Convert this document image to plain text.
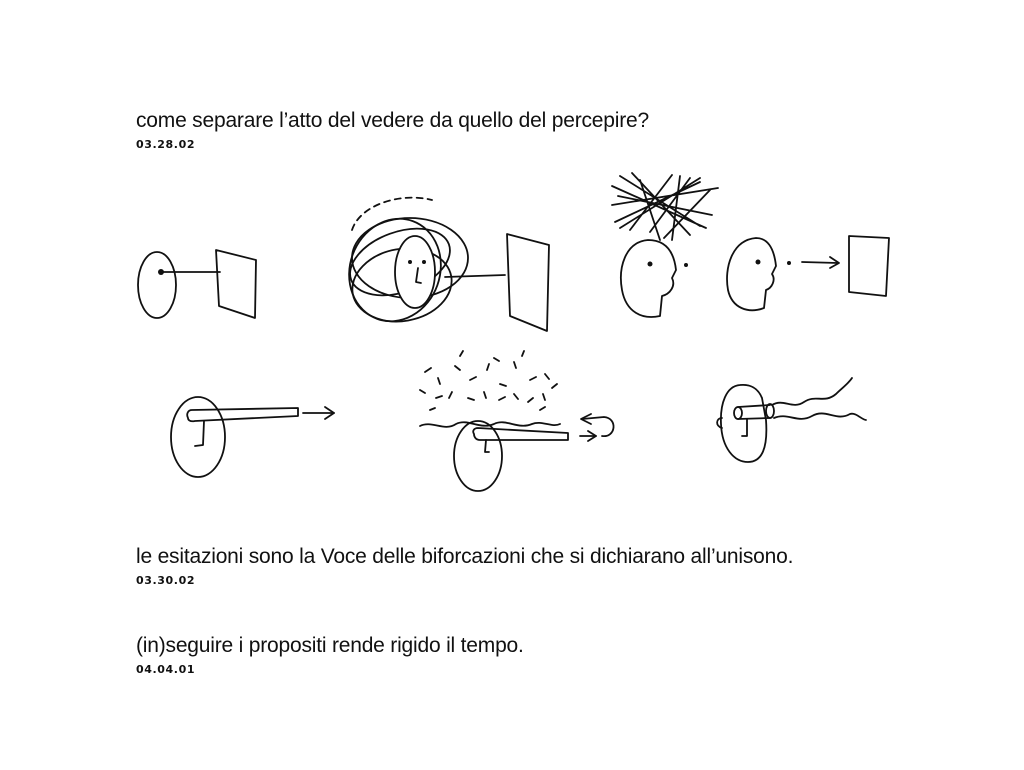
come separare l’atto del vedere da quello del percepire?
03.28.02
le esitazioni sono la Voce delle biforcazioni che si dichiarano all’unisono.
03.30.02
(in)seguire i propositi rende rigido il tempo.
04.04.01
